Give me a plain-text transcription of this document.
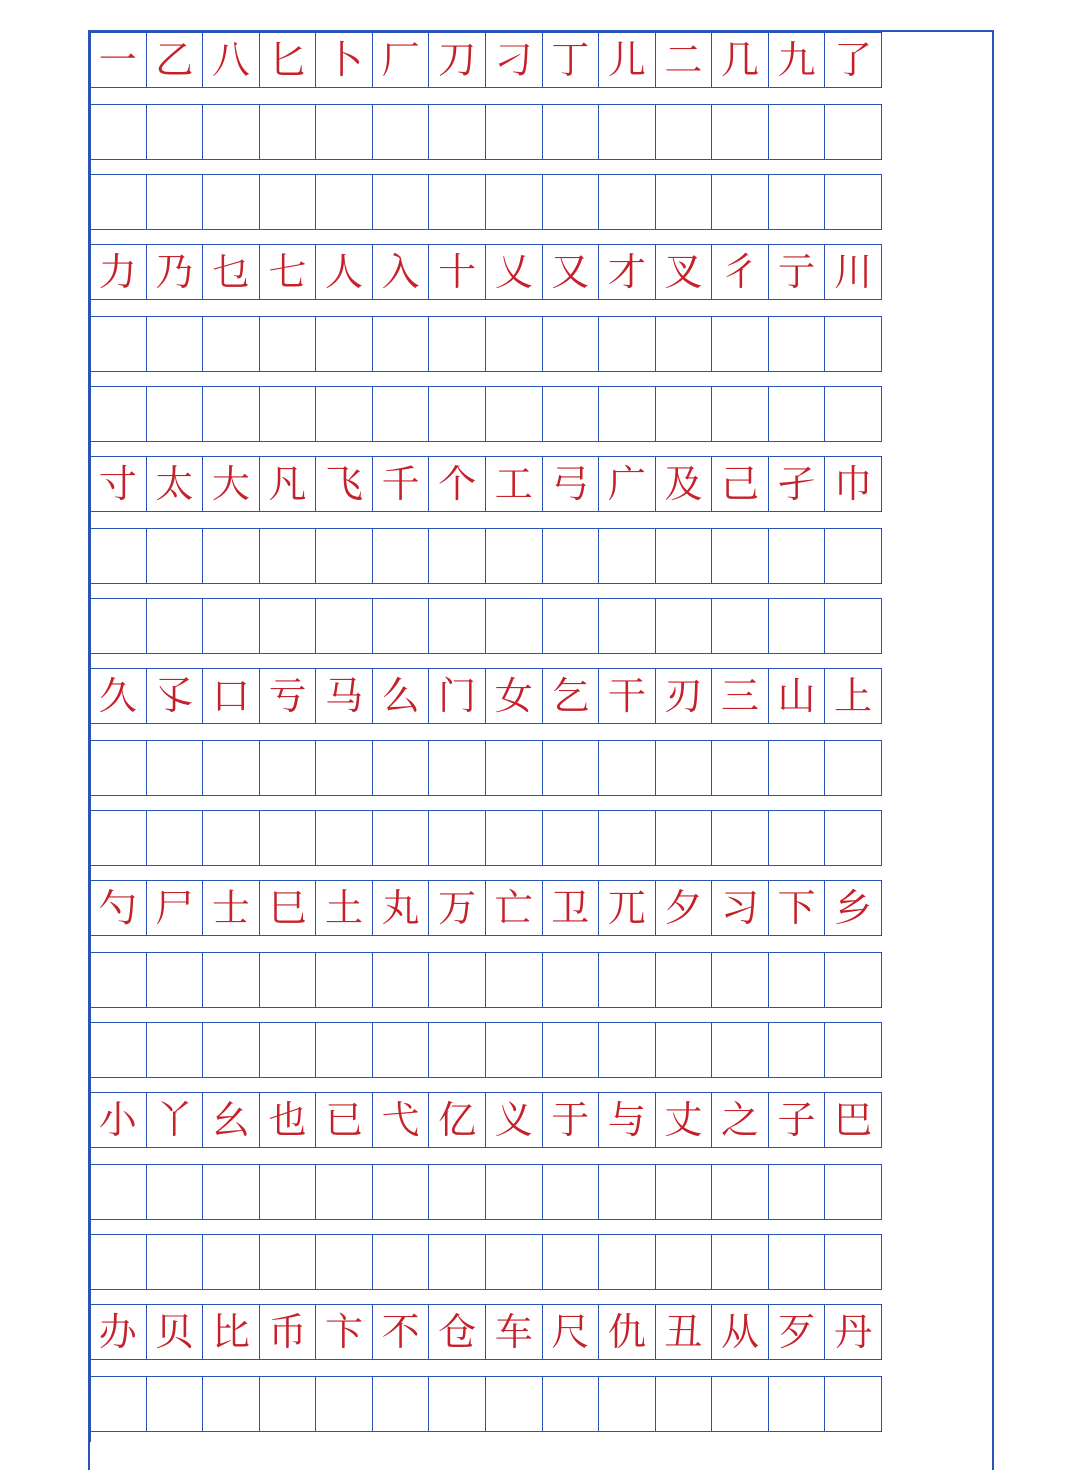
一 乙 八 匕 卜 厂 刀 刁 丁 儿 二 几 九 了
力 乃 乜 七 人 入 十 乂 又 才 叉 彳 亍 川
寸 太 大 凡 飞 千 个 工 弓 广 及 己 孑 巾
久 孓 口 亏 马 么 门 女 乞 干 刃 三 山 上
勺 尸 士 巳 土 丸 万 亡 卫 兀 夕 习 下 乡
小 丫 幺 也 已 弋 亿 义 于 与 丈 之 子 巴
办 贝 比 币 卞 不 仓 车 尺 仇 丑 从 歹 丹
